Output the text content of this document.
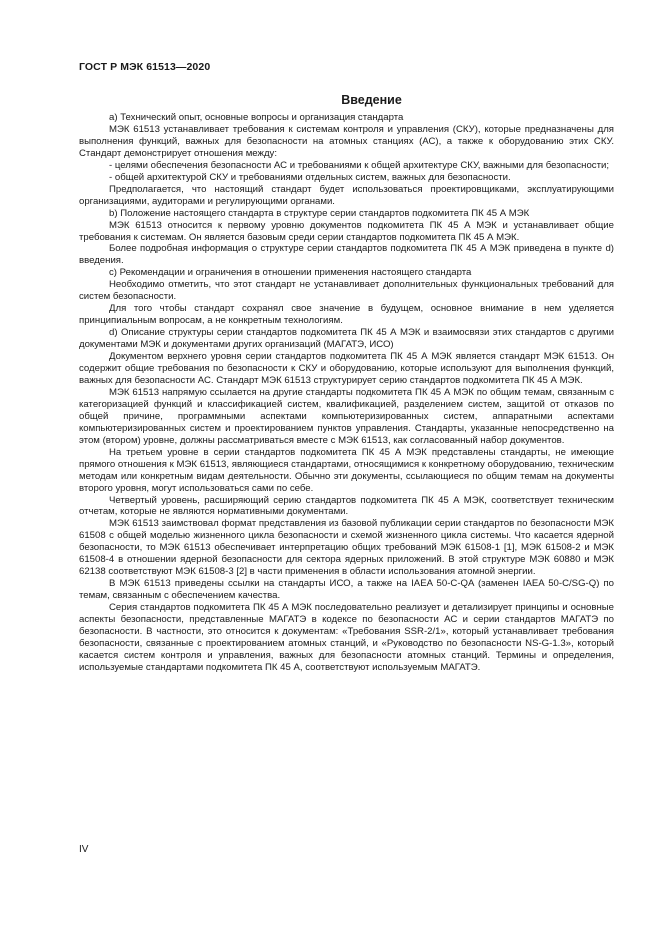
ГОСТ Р МЭК 61513—2020
Введение

а) Технический опыт, основные вопросы и организация стандарта

МЭК 61513 устанавливает требования к системам контроля и управления (СКУ), которые предназначены для выполнения функций, важных для безопасности на атомных станциях (АС), а также к оборудованию этих СКУ. Стандарт демонстрирует отношения между:

- целями обеспечения безопасности АС и требованиями к общей архитектуре СКУ, важными для безопасности;

- общей архитектурой СКУ и требованиями отдельных систем, важных для безопасности.

Предполагается, что настоящий стандарт будет использоваться проектировщиками, эксплуатирующими организациями, аудиторами и регулирующими органами.

b) Положение настоящего стандарта в структуре серии стандартов подкомитета ПК 45 А МЭК

МЭК 61513 относится к первому уровню документов подкомитета ПК 45 А МЭК и устанавливает общие требования к системам. Он является базовым среди серии стандартов подкомитета ПК 45 А МЭК.

Более подробная информация о структуре серии стандартов подкомитета ПК 45 А МЭК приведена в пункте d) введения.

с) Рекомендации и ограничения в отношении применения настоящего стандарта

Необходимо отметить, что этот стандарт не устанавливает дополнительных функциональных требований для систем безопасности.

Для того чтобы стандарт сохранял свое значение в будущем, основное внимание в нем уделяется принципиальным вопросам, а не конкретным технологиям.

d) Описание структуры серии стандартов подкомитета ПК 45 А МЭК и взаимосвязи этих стандартов с другими документами МЭК и документами других организаций (МАГАТЭ, ИСО)

Документом верхнего уровня серии стандартов подкомитета ПК 45 А МЭК является стандарт МЭК 61513. Он содержит общие требования по безопасности к СКУ и оборудованию, которые используют для выполнения функций, важных для безопасности АС. Стандарт МЭК 61513 структурирует серию стандартов подкомитета ПК 45 А МЭК.

МЭК 61513 напрямую ссылается на другие стандарты подкомитета ПК 45 А МЭК по общим темам, связанным с категоризацией функций и классификацией систем, квалификацией, разделением систем, защитой от отказов по общей причине, программными аспектами компьютеризированных систем, аппаратными аспектами компьютеризированных систем и проектированием пунктов управления. Стандарты, указанные непосредственно на этом (втором) уровне, должны рассматриваться вместе с МЭК 61513, как согласованный набор документов.

На третьем уровне в серии стандартов подкомитета ПК 45 А МЭК представлены стандарты, не имеющие прямого отношения к МЭК 61513, являющиеся стандартами, относящимися к конкретному оборудованию, техническим методам или конкретным видам деятельности. Обычно эти документы, ссылающиеся по общим темам на документы второго уровня, могут использоваться сами по себе.

Четвертый уровень, расширяющий серию стандартов подкомитета ПК 45 А МЭК, соответствует техническим отчетам, которые не являются нормативными документами.

МЭК 61513 заимствовал формат представления из базовой публикации серии стандартов по безопасности МЭК 61508 с общей моделью жизненного цикла безопасности и схемой жизненного цикла системы. Что касается ядерной безопасности, то МЭК 61513 обеспечивает интерпретацию общих требований МЭК 61508-1 [1], МЭК 61508-2 и МЭК 61508-4 в отношении ядерной безопасности для сектора ядерных приложений. В этой структуре МЭК 60880 и МЭК 62138 соответствуют МЭК 61508-3 [2] в части применения в области использования атомной энергии.

В МЭК 61513 приведены ссылки на стандарты ИСО, а также на IAEA 50-C-QA (заменен IAEA 50-C/SG-Q) по темам, связанным с обеспечением качества.

Серия стандартов подкомитета ПК 45 А МЭК последовательно реализует и детализирует принципы и основные аспекты безопасности, представленные МАГАТЭ в кодексе по безопасности АС и серии стандартов МАГАТЭ по безопасности. В частности, это относится к документам: «Требования SSR-2/1», который устанавливает требования безопасности, связанные с проектированием атомных станций, и «Руководство по безопасности NS-G-1.3», который касается систем контроля и управления, важных для безопасности атомных станций. Термины и определения, используемые стандартами подкомитета ПК 45 А, соответствуют используемым МАГАТЭ.

IV
